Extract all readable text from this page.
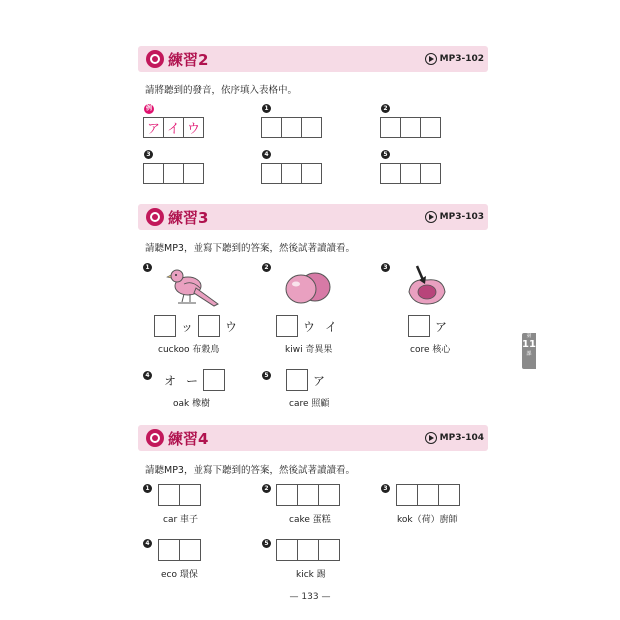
練習2	MP3-102
請將聽到的發音，依序填入表格中。
例
ア イ ウ
1	2
3	4	5
練習3	MP3-103
請聽MP3，並寫下聽到的答案，然後試著讀讀看。
1
ッ	ウ
cuckoo 布穀鳥
2
ウ イ
kiwi 奇異果
3
ア
core 核心
4	オ ー
oak 橡樹
5	ア
care 照顧
練習4	MP3-104
請聽MP3，並寫下聽到的答案，然後試著讀讀看。
1
car 車子
2
cake 蛋糕
3
kok（荷）廚師
4
eco 環保
5
kick 踢
第
11
課
— 133 —
